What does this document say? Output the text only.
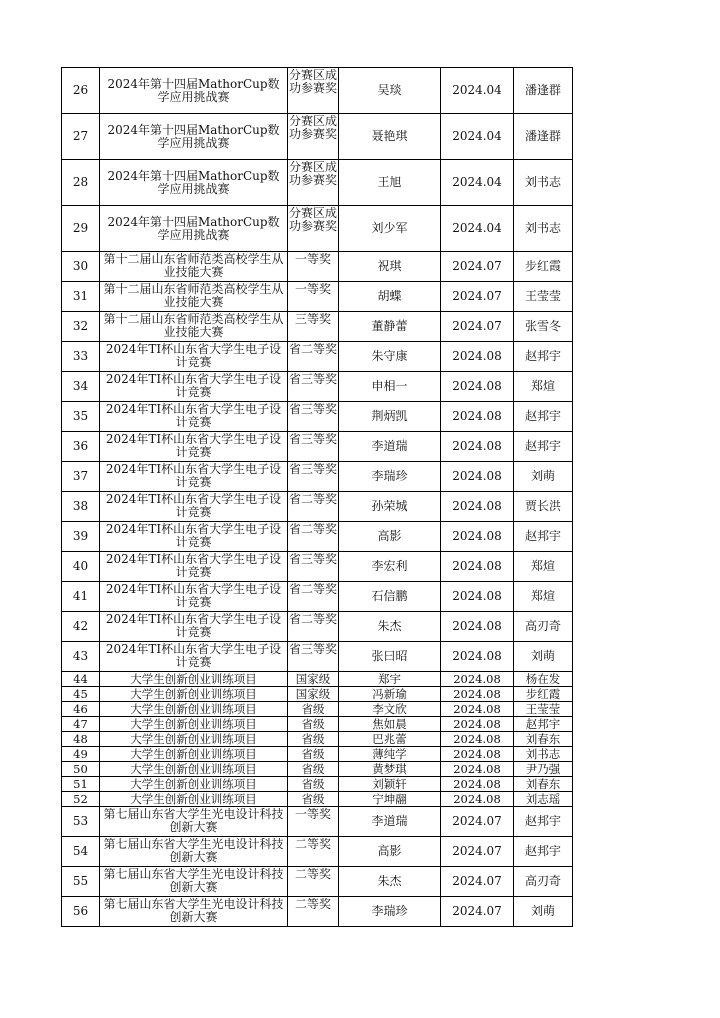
26	2024年第十四届MathorCup数学应用挑战赛	分赛区成功参赛奖	吴琰	2024.04	潘逢群
27	2024年第十四届MathorCup数学应用挑战赛	分赛区成功参赛奖	聂艳琪	2024.04	潘逢群
28	2024年第十四届MathorCup数学应用挑战赛	分赛区成功参赛奖	王旭	2024.04	刘书志
29	2024年第十四届MathorCup数学应用挑战赛	分赛区成功参赛奖	刘少军	2024.04	刘书志
30	第十二届山东省师范类高校学生从业技能大赛	一等奖	祝琪	2024.07	步红霞
31	第十二届山东省师范类高校学生从业技能大赛	一等奖	胡蝶	2024.07	王莹莹
32	第十二届山东省师范类高校学生从业技能大赛	三等奖	董静蕾	2024.07	张雪冬
33	2024年TI杯山东省大学生电子设计竞赛	省二等奖	朱守康	2024.08	赵邦宇
34	2024年TI杯山东省大学生电子设计竞赛	省三等奖	申相一	2024.08	郑煊
35	2024年TI杯山东省大学生电子设计竞赛	省三等奖	荆炳凯	2024.08	赵邦宇
36	2024年TI杯山东省大学生电子设计竞赛	省三等奖	李道瑞	2024.08	赵邦宇
37	2024年TI杯山东省大学生电子设计竞赛	省三等奖	李瑞珍	2024.08	刘萌
38	2024年TI杯山东省大学生电子设计竞赛	省二等奖	孙荣城	2024.08	贾长洪
39	2024年TI杯山东省大学生电子设计竞赛	省二等奖	高影	2024.08	赵邦宇
40	2024年TI杯山东省大学生电子设计竞赛	省三等奖	李宏利	2024.08	郑煊
41	2024年TI杯山东省大学生电子设计竞赛	省二等奖	石信鹏	2024.08	郑煊
42	2024年TI杯山东省大学生电子设计竞赛	省二等奖	朱杰	2024.08	高刃奇
43	2024年TI杯山东省大学生电子设计竞赛	省三等奖	张曰昭	2024.08	刘萌

44	大学生创新创业训练项目	国家级	郑宇	2024.08	杨在发

45	大学生创新创业训练项目	国家级	冯新瑜	2024.08	步红霞

46	大学生创新创业训练项目	省级	李文欣	2024.08	王莹莹

47	大学生创新创业训练项目	省级	焦如晨	2024.08	赵邦宇

48	大学生创新创业训练项目	省级	巴兆蕾	2024.08	刘春东

49	大学生创新创业训练项目	省级	薄纯学	2024.08	刘书志

50	大学生创新创业训练项目	省级	黄梦琪	2024.08	尹乃强

51	大学生创新创业训练项目	省级	刘颖轩	2024.08	刘春东

52	大学生创新创业训练项目	省级	宁坤翮	2024.08	刘志瑶

53	第七届山东省大学生光电设计科技创新大赛	一等奖	李道瑞	2024.07	赵邦宇
54	第七届山东省大学生光电设计科技创新大赛	二等奖	高影	2024.07	赵邦宇
55	第七届山东省大学生光电设计科技创新大赛	二等奖	朱杰	2024.07	高刃奇
56	第七届山东省大学生光电设计科技创新大赛	二等奖	李瑞珍	2024.07	刘萌
